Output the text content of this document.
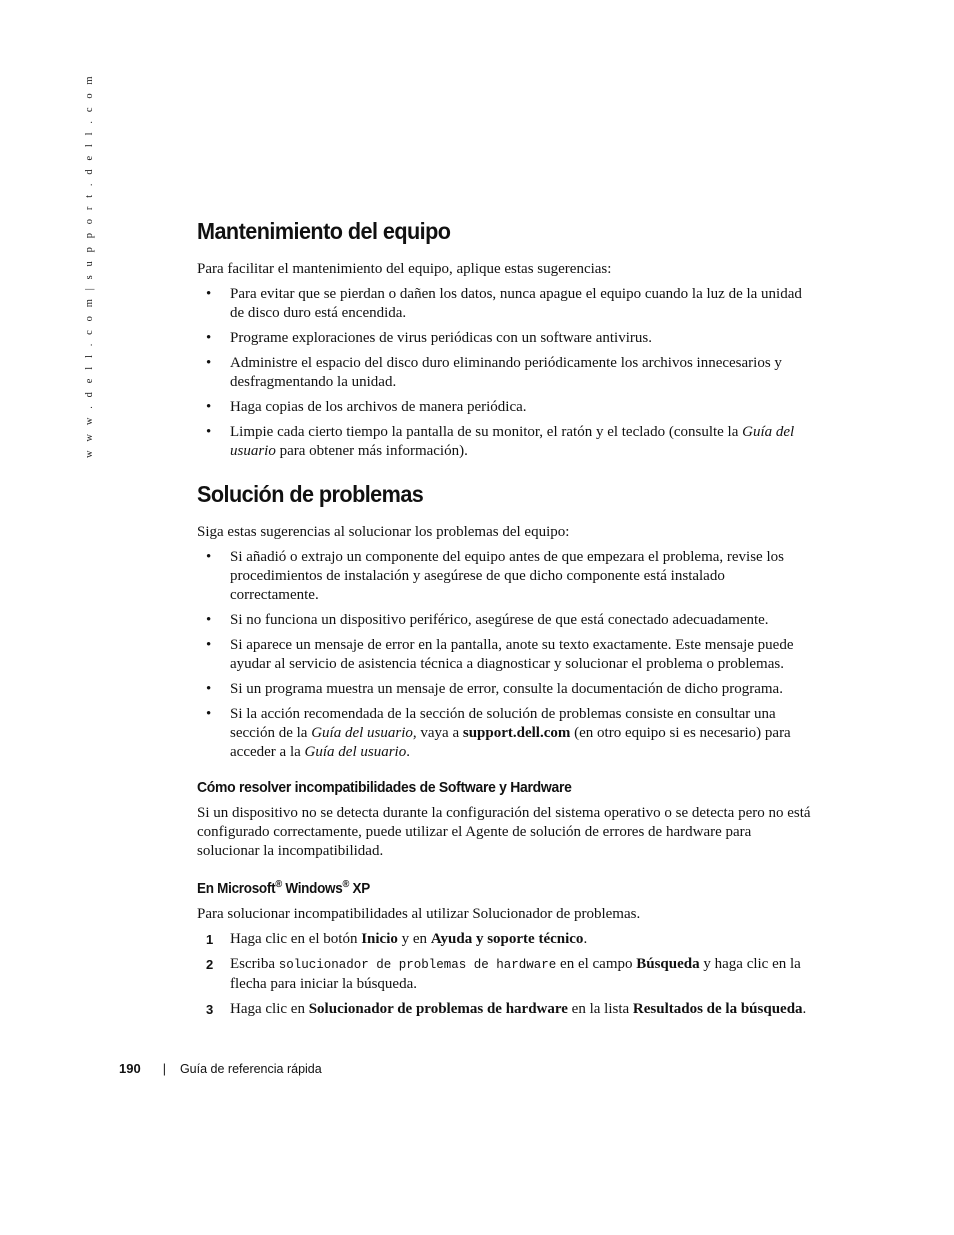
w w w . d e l l . c o m | s u p p o r t . d e l l . c o m	Mantenimiento del equipo

Para facilitar el mantenimiento del equipo, aplique estas sugerencias:

• Para evitar que se pierdan o dañen los datos, nunca apague el equipo cuando la luz de la unidad de disco duro está encendida.
• Programe exploraciones de virus periódicas con un software antivirus.
• Administre el espacio del disco duro eliminando periódicamente los archivos innecesarios y desfragmentando la unidad.
• Haga copias de los archivos de manera periódica.
• Limpie cada cierto tiempo la pantalla de su monitor, el ratón y el teclado (consulte la Guía del usuario para obtener más información).
Solución de problemas

Siga estas sugerencias al solucionar los problemas del equipo:

• Si añadió o extrajo un componente del equipo antes de que empezara el problema, revise los procedimientos de instalación y asegúrese de que dicho componente está instalado correctamente.
• Si no funciona un dispositivo periférico, asegúrese de que está conectado adecuadamente.
• Si aparece un mensaje de error en la pantalla, anote su texto exactamente. Este mensaje puede ayudar al servicio de asistencia técnica a diagnosticar y solucionar el problema o problemas.
• Si un programa muestra un mensaje de error, consulte la documentación de dicho programa.
• Si la acción recomendada de la sección de solución de problemas consiste en consultar una sección de la Guía del usuario, vaya a support.dell.com (en otro equipo si es necesario) para acceder a la Guía del usuario.
Cómo resolver incompatibilidades de Software y Hardware

Si un dispositivo no se detecta durante la configuración del sistema operativo o se detecta pero no está configurado correctamente, puede utilizar el Agente de solución de errores de hardware para solucionar la incompatibilidad.

En Microsoft® Windows® XP

Para solucionar incompatibilidades al utilizar Solucionador de problemas.

1 Haga clic en el botón Inicio y en Ayuda y soporte técnico.
2 Escriba solucionador de problemas de hardware en el campo Búsqueda y haga clic en la flecha para iniciar la búsqueda.
3 Haga clic en Solucionador de problemas de hardware en la lista Resultados de la búsqueda.
190 | Guía de referencia rápida
